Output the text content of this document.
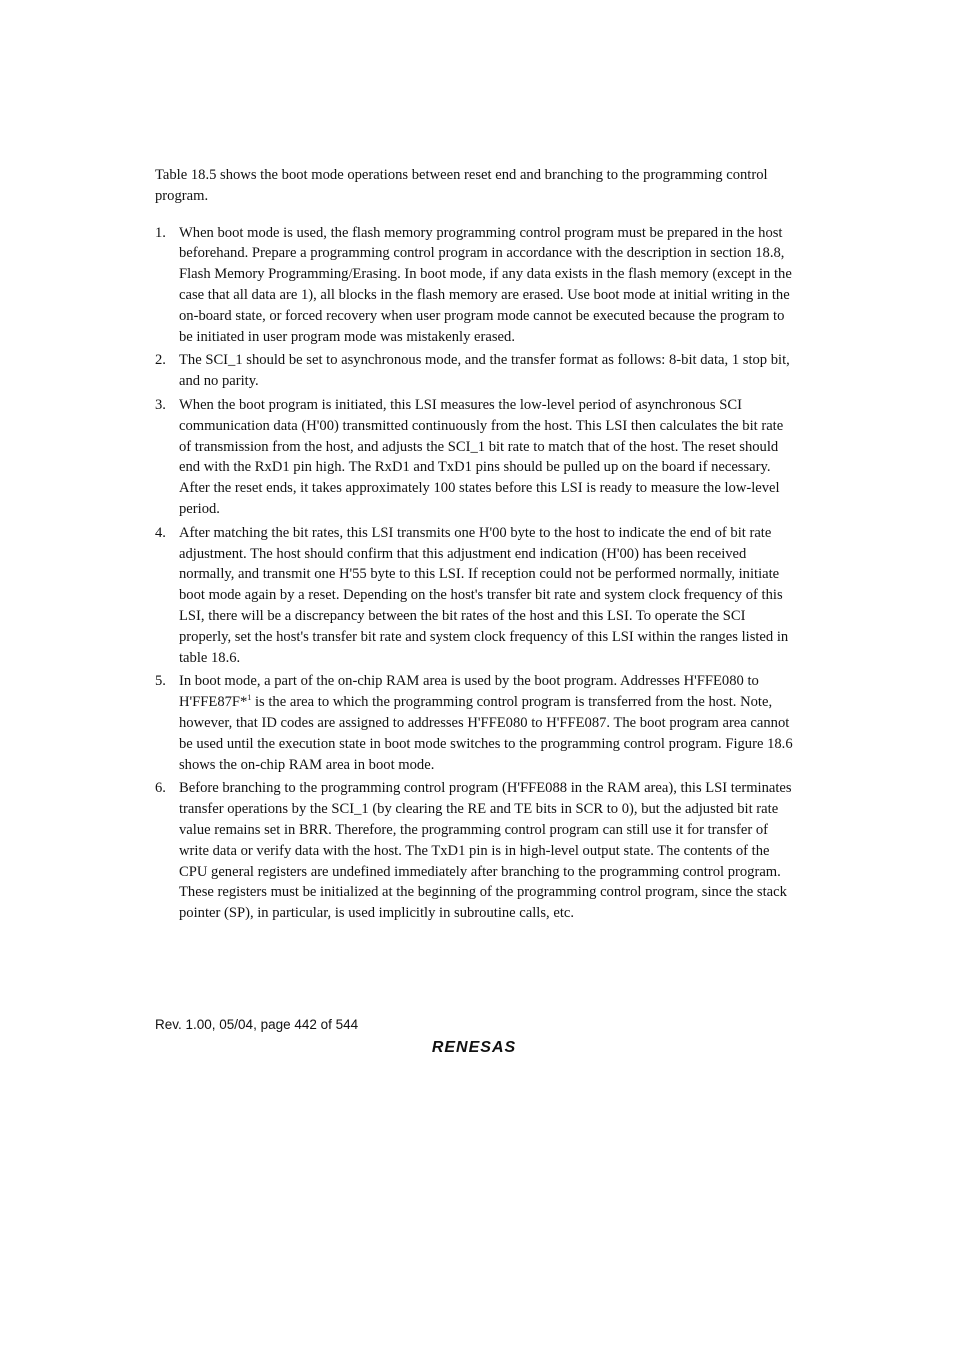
Table 18.5 shows the boot mode operations between reset end and branching to the programming control program.

1. When boot mode is used, the flash memory programming control program must be prepared in the host beforehand. Prepare a programming control program in accordance with the description in section 18.8, Flash Memory Programming/Erasing. In boot mode, if any data exists in the flash memory (except in the case that all data are 1), all blocks in the flash memory are erased. Use boot mode at initial writing in the on-board state, or forced recovery when user program mode cannot be executed because the program to be initiated in user program mode was mistakenly erased.
2. The SCI_1 should be set to asynchronous mode, and the transfer format as follows: 8-bit data, 1 stop bit, and no parity.
3. When the boot program is initiated, this LSI measures the low-level period of asynchronous SCI communication data (H'00) transmitted continuously from the host. This LSI then calculates the bit rate of transmission from the host, and adjusts the SCI_1 bit rate to match that of the host. The reset should end with the RxD1 pin high. The RxD1 and TxD1 pins should be pulled up on the board if necessary. After the reset ends, it takes approximately 100 states before this LSI is ready to measure the low-level period.
4. After matching the bit rates, this LSI transmits one H'00 byte to the host to indicate the end of bit rate adjustment. The host should confirm that this adjustment end indication (H'00) has been received normally, and transmit one H'55 byte to this LSI. If reception could not be performed normally, initiate boot mode again by a reset. Depending on the host's transfer bit rate and system clock frequency of this LSI, there will be a discrepancy between the bit rates of the host and this LSI. To operate the SCI properly, set the host's transfer bit rate and system clock frequency of this LSI within the ranges listed in table 18.6.
5. In boot mode, a part of the on-chip RAM area is used by the boot program. Addresses H'FFE080 to H'FFE87F*$^1$ is the area to which the programming control program is transferred from the host. Note, however, that ID codes are assigned to addresses H'FFE080 to H'FFE087. The boot program area cannot be used until the execution state in boot mode switches to the programming control program. Figure 18.6 shows the on-chip RAM area in boot mode.
6. Before branching to the programming control program (H'FFE088 in the RAM area), this LSI terminates transfer operations by the SCI_1 (by clearing the RE and TE bits in SCR to 0), but the adjusted bit rate value remains set in BRR. Therefore, the programming control program can still use it for transfer of write data or verify data with the host. The TxD1 pin is in high-level output state. The contents of the CPU general registers are undefined immediately after branching to the programming control program. These registers must be initialized at the beginning of the programming control program, since the stack pointer (SP), in particular, is used implicitly in subroutine calls, etc.
Rev. 1.00, 05/04, page 442 of 544
RENESAS
